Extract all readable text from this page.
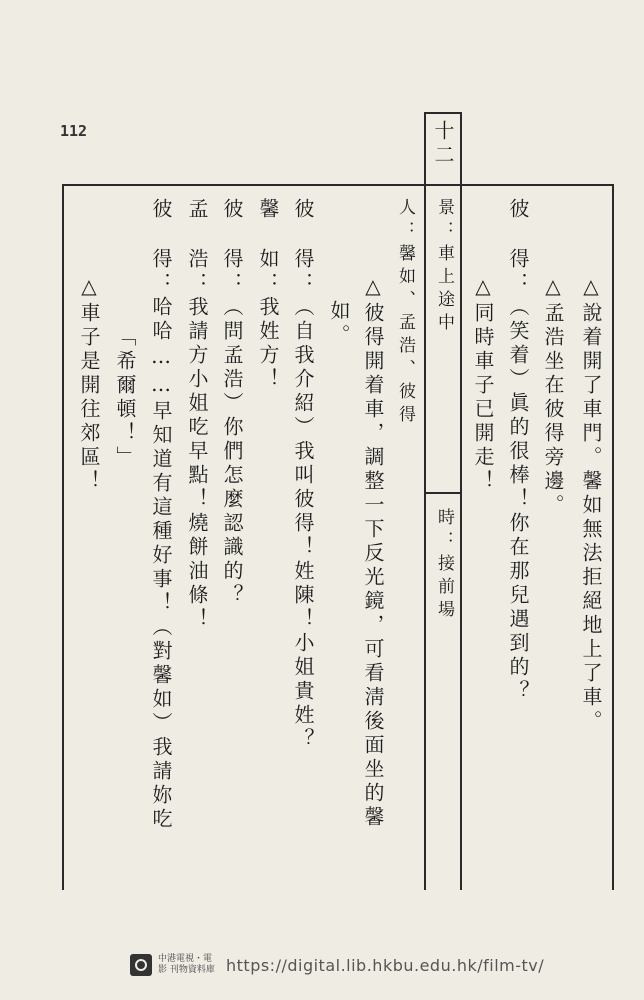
112	十二
景：車上途中
時：接前場
人：馨如、孟浩、彼得	△說着開了車門。馨如無法拒絕地上了車。
△孟浩坐在彼得旁邊。
彼
得：（笑着）眞的很棒！你在那兒遇到的？
△同時車子已開走！
△彼得開着車，調整一下反光鏡，可看淸後面坐的馨
如。
彼
得：（自我介紹）我叫彼得！姓陳！小姐貴姓？
馨
如：我姓方！
彼
得：（問孟浩）你們怎麼認識的？
孟
浩：我請方小姐吃早點！燒餅油條！
彼
得：哈哈……早知道有這種好事！（對馨如）我請妳吃
「希爾頓！」
△車子是開往郊區！
中港電視・電影 刊物資料庫 https://digital.lib.hkbu.edu.hk/film-tv/
